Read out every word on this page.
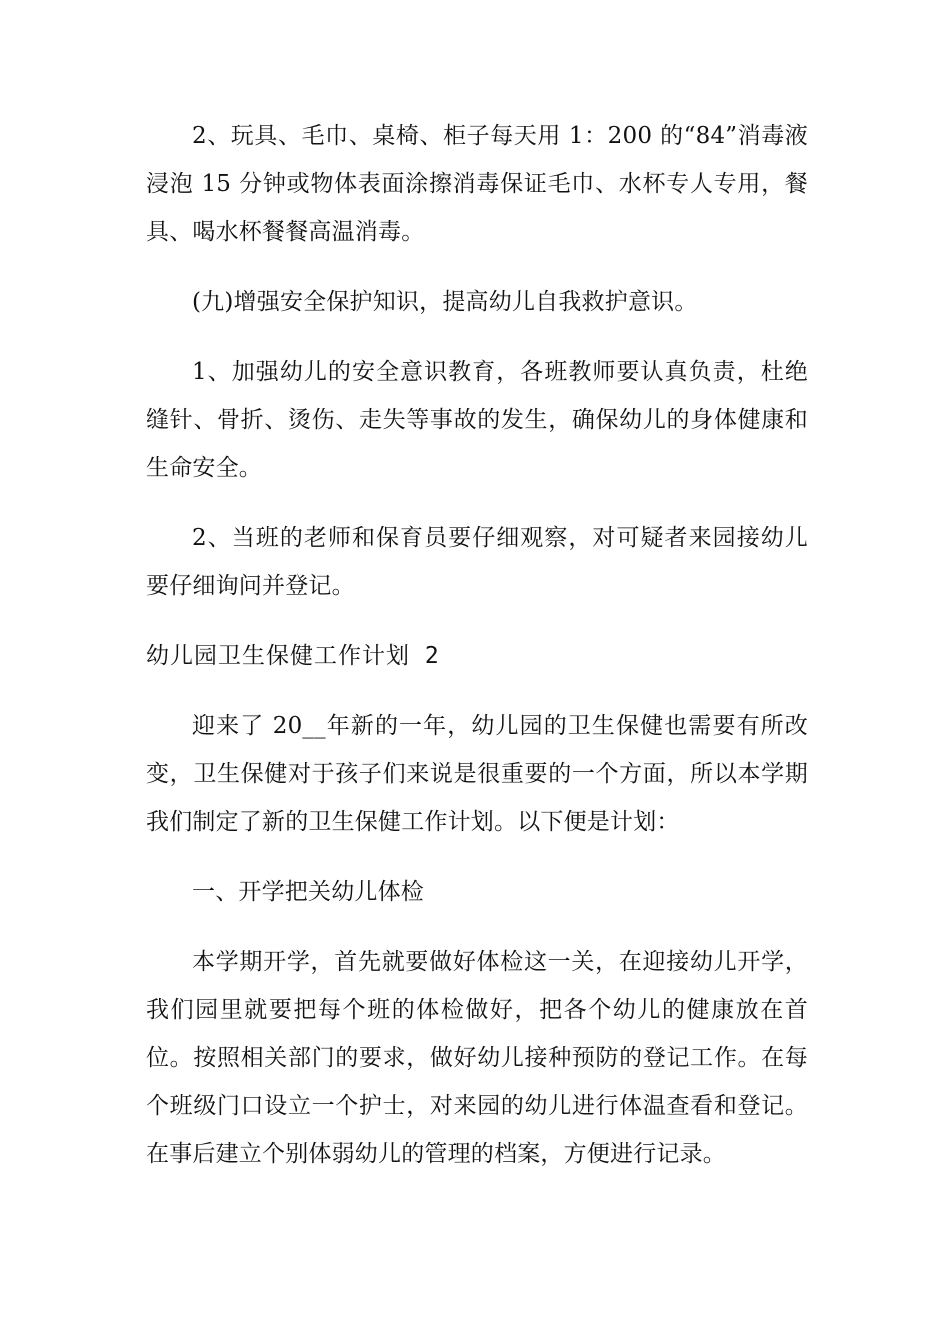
2、玩具、毛巾、桌椅、柜子每天用 1：200 的“84”消毒液浸泡 15 分钟或物体表面涂擦消毒保证毛巾、水杯专人专用，餐具、喝水杯餐餐高温消毒。

(九)增强安全保护知识，提高幼儿自我救护意识。

1、加强幼儿的安全意识教育，各班教师要认真负责，杜绝缝针、骨折、烫伤、走失等事故的发生，确保幼儿的身体健康和生命安全。

2、当班的老师和保育员要仔细观察，对可疑者来园接幼儿要仔细询问并登记。

幼儿园卫生保健工作计划 2

迎来了 20__年新的一年，幼儿园的卫生保健也需要有所改变，卫生保健对于孩子们来说是很重要的一个方面，所以本学期我们制定了新的卫生保健工作计划。以下便是计划：

一、开学把关幼儿体检

本学期开学，首先就要做好体检这一关，在迎接幼儿开学，我们园里就要把每个班的体检做好，把各个幼儿的健康放在首位。按照相关部门的要求，做好幼儿接种预防的登记工作。在每个班级门口设立一个护士，对来园的幼儿进行体温查看和登记。在事后建立个别体弱幼儿的管理的档案，方便进行记录。
